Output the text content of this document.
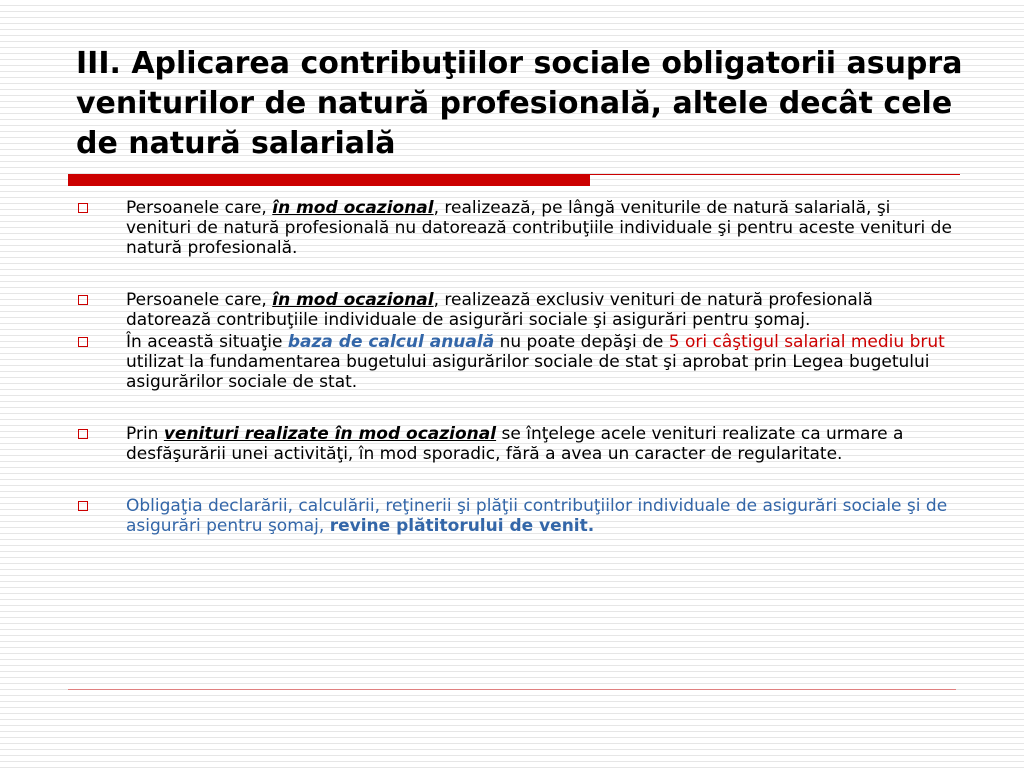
III. Aplicarea contribuţiilor sociale obligatorii asupra veniturilor de natură profesională, altele decât cele de natură salarială
Persoanele care, în mod ocazional, realizează, pe lângă veniturile de natură salarială, şi venituri de natură profesională nu datorează contribuţiile individuale şi pentru aceste venituri de natură profesională.
Persoanele care, în mod ocazional, realizează exclusiv venituri de natură profesională datorează contribuţiile individuale de asigurări sociale şi asigurări pentru şomaj.
În această situaţie baza de calcul anuală nu poate depăşi de 5 ori câştigul salarial mediu brut utilizat la fundamentarea bugetului asigurărilor sociale de stat şi aprobat prin Legea bugetului asigurărilor sociale de stat.
Prin venituri realizate în mod ocazional se înţelege acele venituri realizate ca urmare a desfăşurării unei activităţi, în mod sporadic, fără a avea un caracter de regularitate.
Obligaţia declarării, calculării, reţinerii şi plăţii contribuţiilor individuale de asigurări sociale şi de asigurări pentru şomaj, revine plătitorului de venit.
